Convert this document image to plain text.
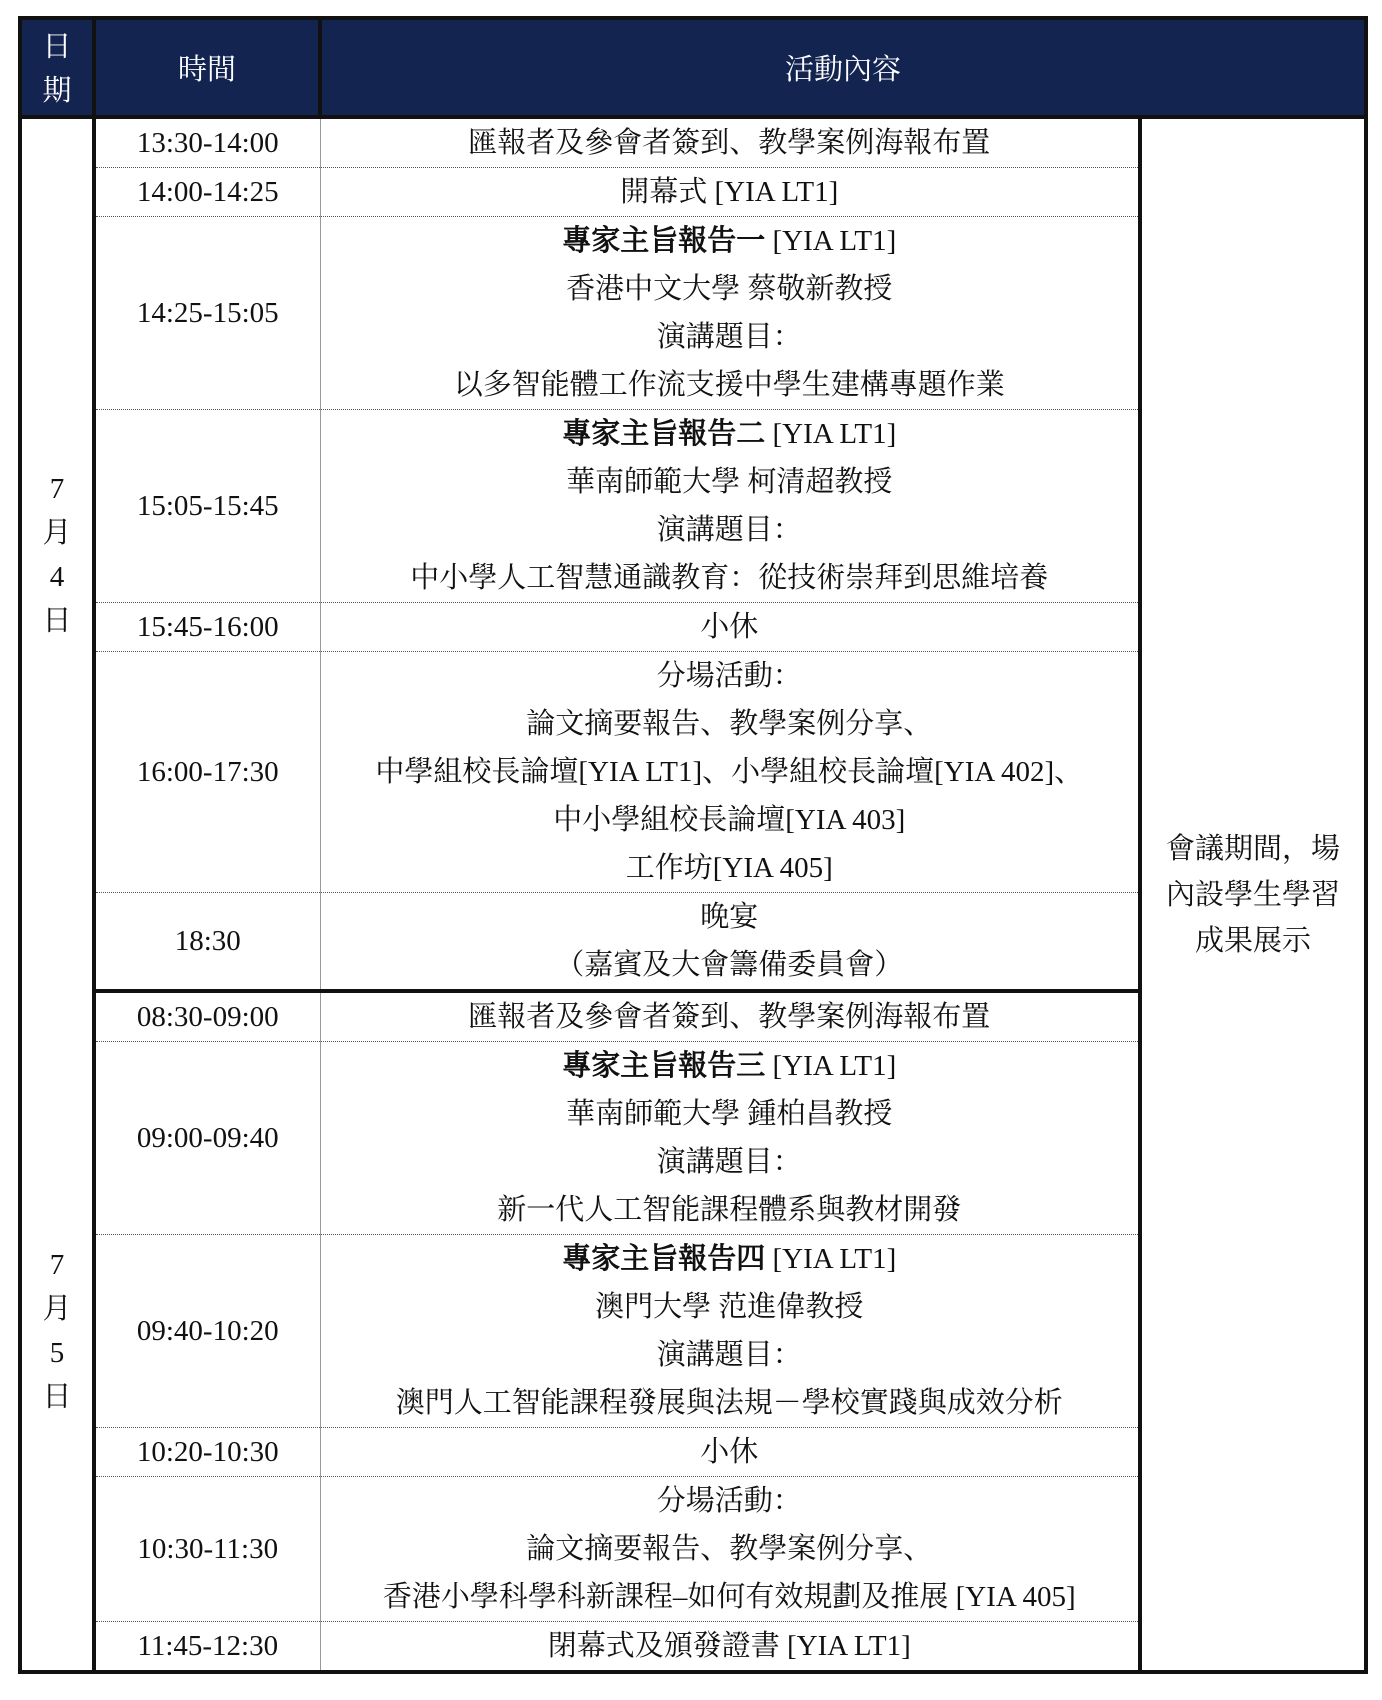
日
期	時間	活動內容	

7
月
4
日	13:30-14:00	匯報者及參會者簽到、教學案例海報布置	會議期間，場內設學生學習成果展示
	14:00-14:25	開幕式 [YIA LT1]	

	14:25-15:05	專家主旨報告一 [YIA LT1]
香港中文大學 蔡敬新教授
演講題目：
以多智能體工作流支援中學生建構專題作業	

	15:05-15:45	專家主旨報告二 [YIA LT1]
華南師範大學 柯清超教授
演講題目：
中小學人工智慧通識教育：從技術崇拜到思維培養	

	15:45-16:00	小休	

	16:00-17:30	分場活動：
論文摘要報告、教學案例分享、
中學組校長論壇[YIA LT1]、小學組校長論壇[YIA 402]、
中小學組校長論壇[YIA 403]
工作坊[YIA 405]	

	18:30	晚宴
（嘉賓及大會籌備委員會）	

7
月
5
日	08:30-09:00	匯報者及參會者簽到、教學案例海報布置	

	09:00-09:40	專家主旨報告三 [YIA LT1]
華南師範大學 鍾柏昌教授
演講題目：
新一代人工智能課程體系與教材開發	

	09:40-10:20	專家主旨報告四 [YIA LT1]
澳門大學 范進偉教授
演講題目：
澳門人工智能課程發展與法規－學校實踐與成效分析	

	10:20-10:30	小休	

	10:30-11:30	分場活動：
論文摘要報告、教學案例分享、
香港小學科學科新課程–如何有效規劃及推展 [YIA 405]	

	11:45-12:30	閉幕式及頒發證書 [YIA LT1]	
